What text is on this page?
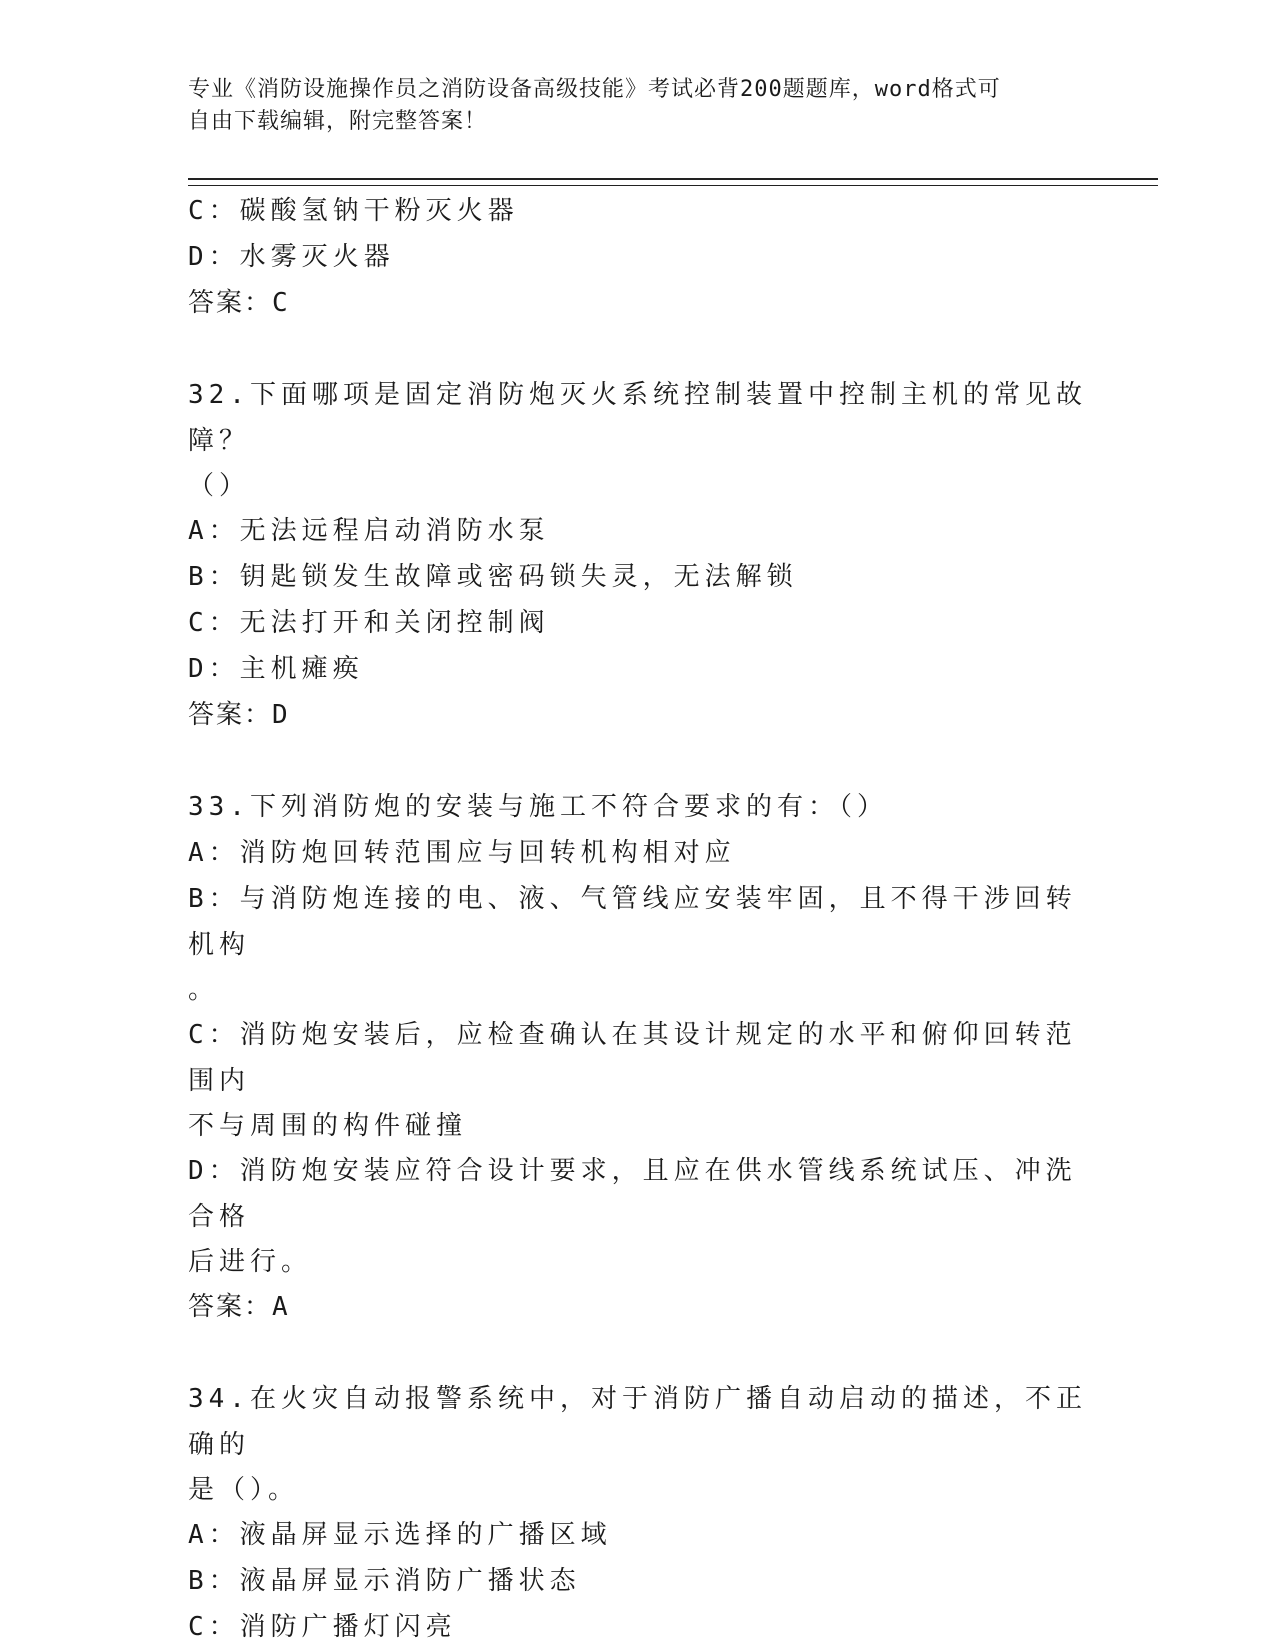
专业《消防设施操作员之消防设备高级技能》考试必背200题题库，word格式可
自由下载编辑，附完整答案！
C：碳酸氢钠干粉灭火器
D：水雾灭火器
答案：C
32.下面哪项是固定消防炮灭火系统控制装置中控制主机的常见故障？
（）
A：无法远程启动消防水泵
B：钥匙锁发生故障或密码锁失灵，无法解锁
C：无法打开和关闭控制阀
D：主机瘫痪
答案：D
33.下列消防炮的安装与施工不符合要求的有：（）
A：消防炮回转范围应与回转机构相对应
B：与消防炮连接的电、液、气管线应安装牢固，且不得干涉回转机构
。
C：消防炮安装后，应检查确认在其设计规定的水平和俯仰回转范围内
不与周围的构件碰撞
D：消防炮安装应符合设计要求，且应在供水管线系统试压、冲洗合格
后进行。
答案：A
34.在火灾自动报警系统中，对于消防广播自动启动的描述，不正确的
是（）。
A：液晶屏显示选择的广播区域
B：液晶屏显示消防广播状态
C：消防广播灯闪亮
